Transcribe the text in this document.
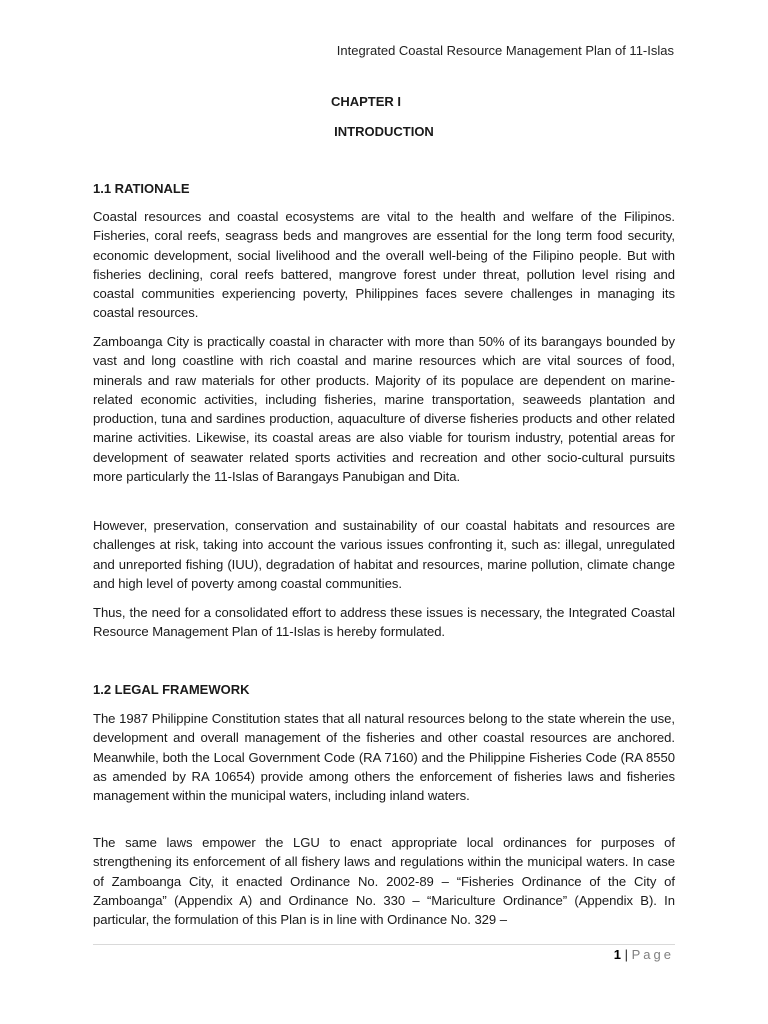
Integrated Coastal Resource Management Plan of 11-Islas
CHAPTER I
INTRODUCTION

1.1 RATIONALE

Coastal resources and coastal ecosystems are vital to the health and welfare of the Filipinos. Fisheries, coral reefs, seagrass beds and mangroves are essential for the long term food security, economic development, social livelihood and the overall well-being of the Filipino people. But with fisheries declining, coral reefs battered, mangrove forest under threat, pollution level rising and coastal communities experiencing poverty, Philippines faces severe challenges in managing its coastal resources.

Zamboanga City is practically coastal in character with more than 50% of its barangays bounded by vast and long coastline with rich coastal and marine resources which are vital sources of food, minerals and raw materials for other products. Majority of its populace are dependent on marine-related economic activities, including fisheries, marine transportation, seaweeds plantation and production, tuna and sardines production, aquaculture of diverse fisheries products and other related marine activities. Likewise, its coastal areas are also viable for tourism industry, potential areas for development of seawater related sports activities and recreation and other socio-cultural pursuits more particularly the 11-Islas of Barangays Panubigan and Dita.

However, preservation, conservation and sustainability of our coastal habitats and resources are challenges at risk, taking into account the various issues confronting it, such as: illegal, unregulated and unreported fishing (IUU), degradation of habitat and resources, marine pollution, climate change and high level of poverty among coastal communities.

Thus, the need for a consolidated effort to address these issues is necessary, the Integrated Coastal Resource Management Plan of 11-Islas is hereby formulated.

1.2 LEGAL FRAMEWORK

The 1987 Philippine Constitution states that all natural resources belong to the state wherein the use, development and overall management of the fisheries and other coastal resources are anchored. Meanwhile, both the Local Government Code (RA 7160) and the Philippine Fisheries Code (RA 8550 as amended by RA 10654) provide among others the enforcement of fisheries laws and fisheries management within the municipal waters, including inland waters.

The same laws empower the LGU to enact appropriate local ordinances for purposes of strengthening its enforcement of all fishery laws and regulations within the municipal waters. In case of Zamboanga City, it enacted Ordinance No. 2002-89 – “Fisheries Ordinance of the City of Zamboanga” (Appendix A) and Ordinance No. 330 – “Mariculture Ordinance” (Appendix B). In particular, the formulation of this Plan is in line with Ordinance No. 329 –

1 | Page
